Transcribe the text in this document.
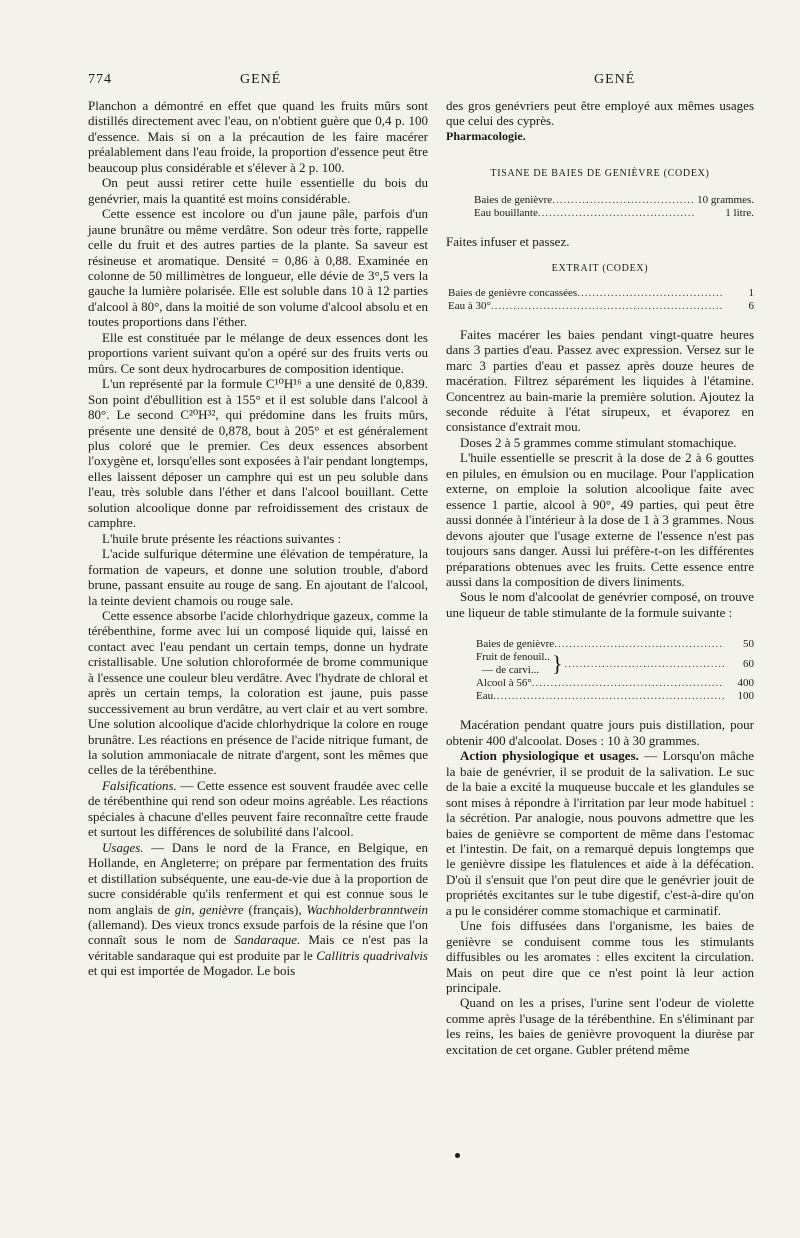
774	GENÉ	GENÉ

Planchon a démontré en effet que quand les fruits mûrs sont distillés directement avec l'eau, on n'obtient guère que 0,4 p. 100 d'essence. Mais si on a la précaution de les faire macérer préalablement dans l'eau froide, la proportion d'essence peut être beaucoup plus considérable et s'élever à 2 p. 100.

On peut aussi retirer cette huile essentielle du bois du genévrier, mais la quantité est moins considérable.

Cette essence est incolore ou d'un jaune pâle, parfois d'un jaune brunâtre ou même verdâtre. Son odeur très forte, rappelle celle du fruit et des autres parties de la plante. Sa saveur est résineuse et aromatique. Densité = 0,86 à 0,88. Examinée en colonne de 50 millimètres de longueur, elle dévie de 3°,5 vers la gauche la lumière polarisée. Elle est soluble dans 10 à 12 parties d'alcool à 80°, dans la moitié de son volume d'alcool absolu et en toutes proportions dans l'éther.

Elle est constituée par le mélange de deux essences dont les proportions varient suivant qu'on a opéré sur des fruits verts ou mûrs. Ce sont deux hydrocarbures de composition identique.

L'un représenté par la formule C¹⁰H¹⁶ a une densité de 0,839. Son point d'ébullition est à 155° et il est soluble dans l'alcool à 80°. Le second C²⁰H³², qui prédomine dans les fruits mûrs, présente une densité de 0,878, bout à 205° et est généralement plus coloré que le premier. Ces deux essences absorbent l'oxygène et, lorsqu'elles sont exposées à l'air pendant longtemps, elles laissent déposer un camphre qui est un peu soluble dans l'eau, très soluble dans l'éther et dans l'alcool bouillant. Cette solution alcoolique donne par refroidissement des cristaux de camphre.

L'huile brute présente les réactions suivantes :

L'acide sulfurique détermine une élévation de température, la formation de vapeurs, et donne une solution trouble, d'abord brune, passant ensuite au rouge de sang. En ajoutant de l'alcool, la teinte devient chamois ou rouge sale.

Cette essence absorbe l'acide chlorhydrique gazeux, comme la térébenthine, forme avec lui un composé liquide qui, laissé en contact avec l'eau pendant un certain temps, donne un hydrate cristallisable. Une solution chloroformée de brome communique à l'essence une couleur bleu verdâtre. Avec l'hydrate de chloral et après un certain temps, la coloration est jaune, puis passe successivement au brun verdâtre, au vert clair et au vert sombre. Une solution alcoolique d'acide chlorhydrique la colore en rouge brunâtre. Les réactions en présence de l'acide nitrique fumant, de la solution ammoniacale de nitrate d'argent, sont les mêmes que celles de la térébenthine.

Falsifications. — Cette essence est souvent fraudée avec celle de térébenthine qui rend son odeur moins agréable. Les réactions spéciales à chacune d'elles peuvent faire reconnaître cette fraude et surtout les différences de solubilité dans l'alcool.

Usages. — Dans le nord de la France, en Belgique, en Hollande, en Angleterre; on prépare par fermentation des fruits et distillation subséquente, une eau-de-vie due à la proportion de sucre considérable qu'ils renferment et qui est connue sous le nom anglais de gin, genièvre (français), Wachholderbranntwein (allemand). Des vieux troncs exsude parfois de la résine que l'on connaît sous le nom de Sandaraque. Mais ce n'est pas la véritable sandaraque qui est produite par le Callitris quadrivalvis et qui est importée de Mogador. Le bois

des gros genévriers peut être employé aux mêmes usages que celui des cyprès.

Pharmacologie.

TISANE DE BAIES DE GENIÈVRE (CODEX)
Baies de genièvre .....	10 grammes.
Eau bouillante .....	1 litre.

Faites infuser et passez.

EXTRAIT (CODEX)
Baies de genièvre concassées .....	1
Eau à 30° .....	6

Faites macérer les baies pendant vingt-quatre heures dans 3 parties d'eau. Passez avec expression. Versez sur le marc 3 parties d'eau et passez après douze heures de macération. Filtrez séparément les liquides à l'étamine. Concentrez au bain-marie la première solution. Ajoutez la seconde réduite à l'état sirupeux, et évaporez en consistance d'extrait mou.

Doses 2 à 5 grammes comme stimulant stomachique.

L'huile essentielle se prescrit à la dose de 2 à 6 gouttes en pilules, en émulsion ou en mucilage. Pour l'application externe, on emploie la solution alcoolique faite avec essence 1 partie, alcool à 90°, 49 parties, qui peut être aussi donnée à l'intérieur à la dose de 1 à 3 grammes. Nous devons ajouter que l'usage externe de l'essence n'est pas toujours sans danger. Aussi lui préfère-t-on les différentes préparations obtenues avec les fruits. Cette essence entre aussi dans la composition de divers liniments.

Sous le nom d'alcoolat de genévrier composé, on trouve une liqueur de table stimulante de la formule suivante :

Baies de genièvre .....	50
Fruit de fenouil..
— de carvi... } .....	60
Alcool à 56° .....	400
Eau .....	100

Macération pendant quatre jours puis distillation, pour obtenir 400 d'alcoolat. Doses : 10 à 30 grammes.

Action physiologique et usages. — Lorsqu'on mâche la baie de genévrier, il se produit de la salivation. Le suc de la baie a excité la muqueuse buccale et les glandules se sont mises à répondre à l'irritation par leur mode habituel : la sécrétion. Par analogie, nous pouvons admettre que les baies de genièvre se comportent de même dans l'estomac et l'intestin. De fait, on a remarqué depuis longtemps que le genièvre dissipe les flatulences et aide à la défécation. D'où il s'ensuit que l'on peut dire que le genévrier jouit de propriétés excitantes sur le tube digestif, c'est-à-dire qu'on a pu le considérer comme stomachique et carminatif.

Une fois diffusées dans l'organisme, les baies de genièvre se conduisent comme tous les stimulants diffusibles ou les aromates : elles excitent la circulation. Mais on peut dire que ce n'est point là leur action principale.

Quand on les a prises, l'urine sent l'odeur de violette comme après l'usage de la térébenthine. En s'éliminant par les reins, les baies de genièvre provoquent la diurèse par excitation de cet organe. Gubler prétend même
